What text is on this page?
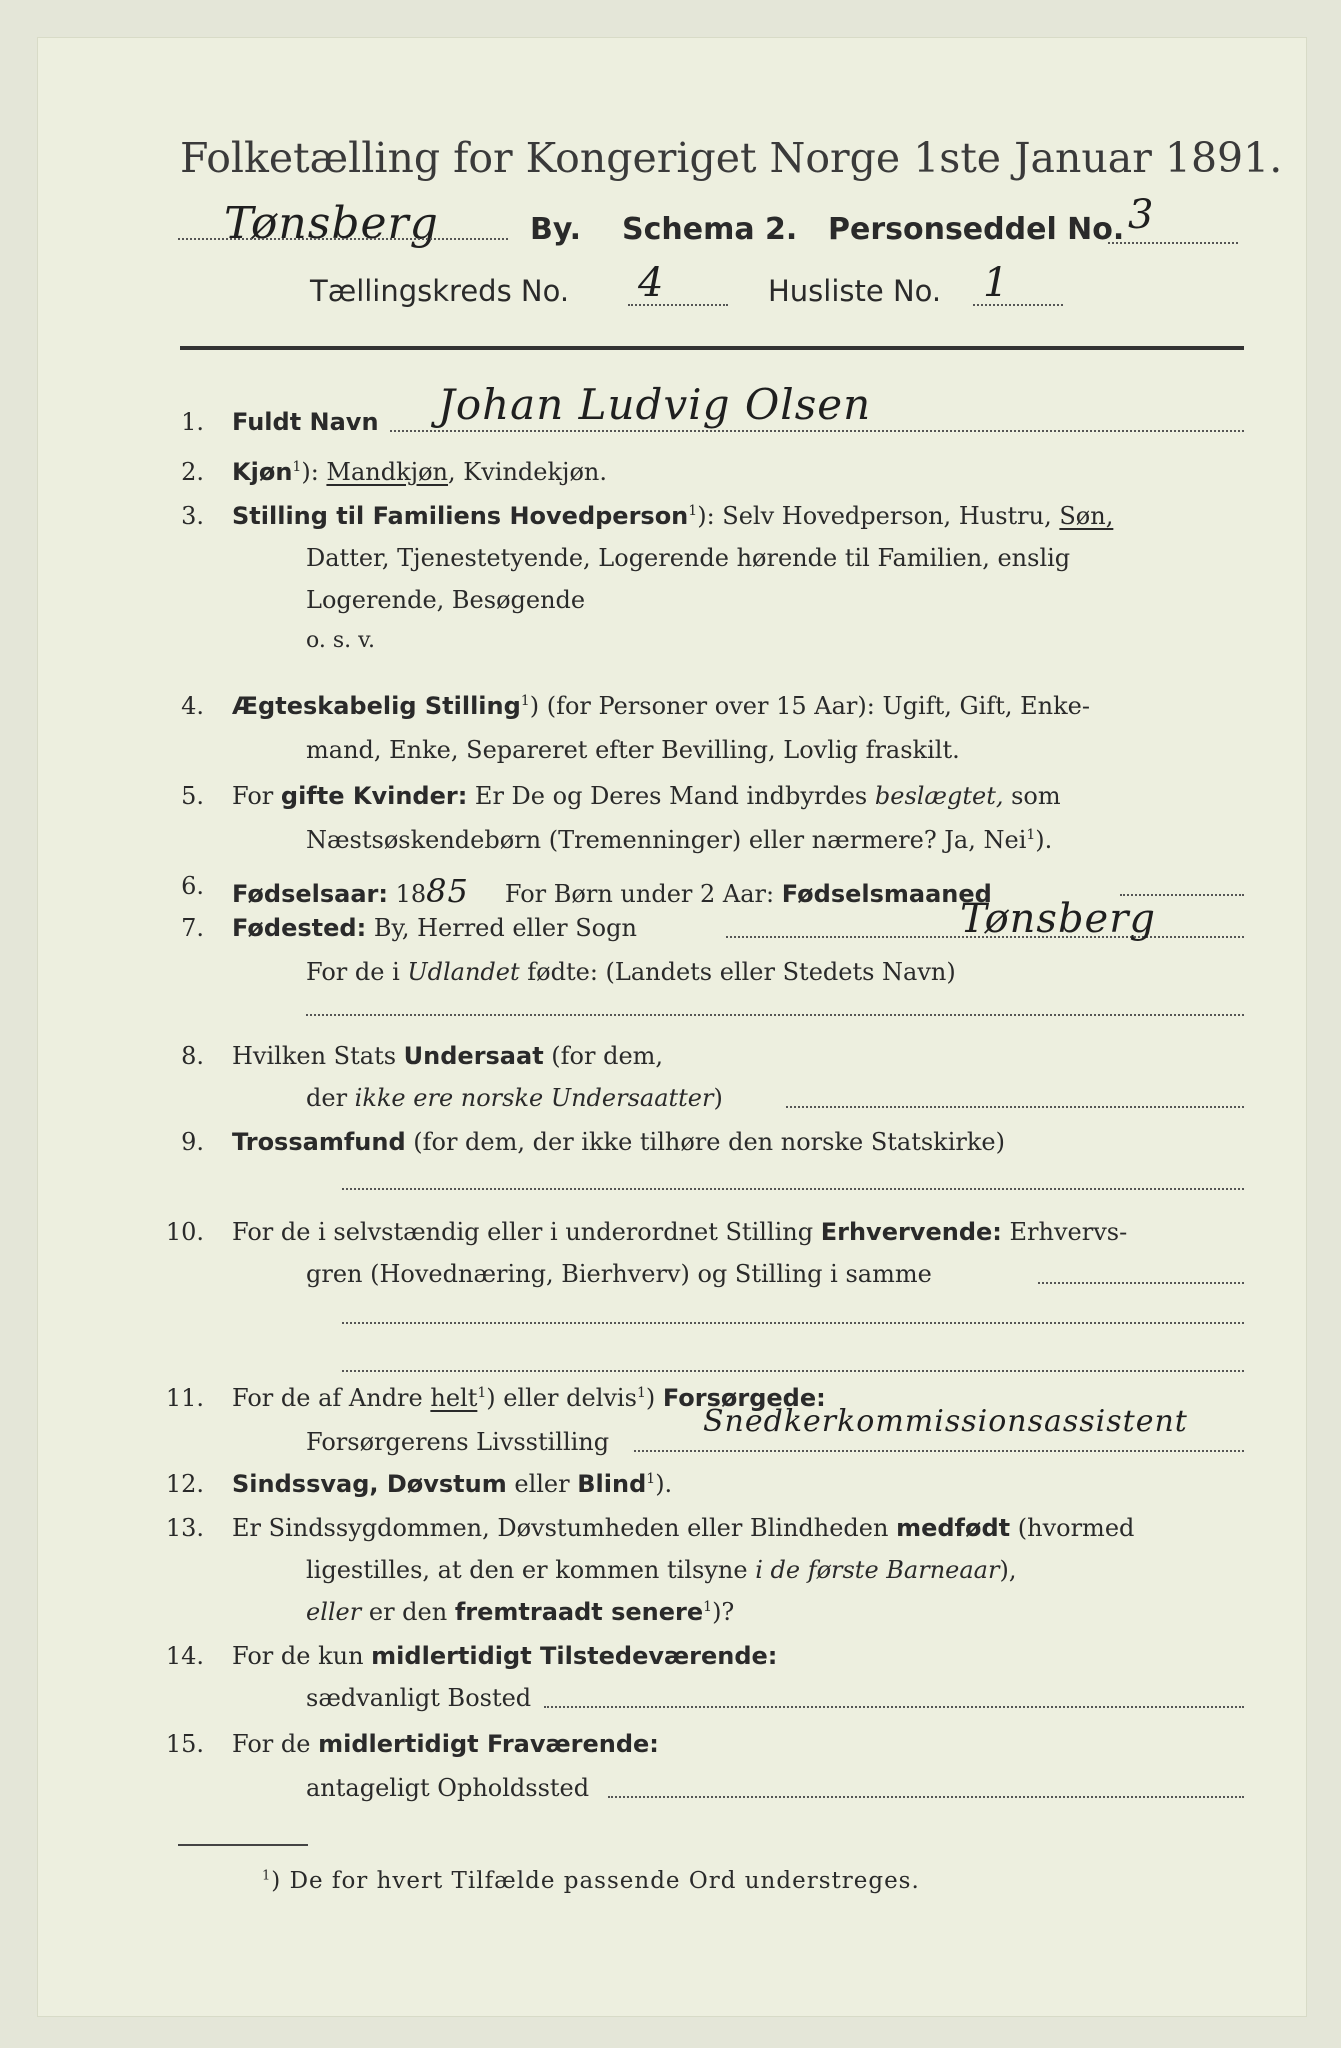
Folketælling for Kongeriget Norge 1ste Januar 1891.
Tønsberg	By. Schema 2. Personseddel No. 3
Tællingskreds No. 4	Husliste No. 1
1. Fuldt Navn Johan Ludvig Olsen
2. Kjøn$^1$): Mandkjøn, Kvindekjøn.
3. Stilling til Familiens Hovedperson$^1$): Selv Hovedperson, Hustru, Søn,
Datter, Tjenestetyende, Logerende hørende til Familien, enslig
Logerende, Besøgende
o. s. v.
4. Ægteskabelig Stilling$^1$) (for Personer over 15 Aar): Ugift, Gift, Enke-
mand, Enke, Separeret efter Bevilling, Lovlig fraskilt.
5. For gifte Kvinder: Er De og Deres Mand indbyrdes beslægtet, som
Næstsøskendebørn (Tremenninger) eller nærmere? Ja, Nei$^1$).
6. Fødselsaar: 1885 For Børn under 2 Aar: Fødselsmaaned
7. Fødested: By, Herred eller Sogn	Tønsberg
For de i Udlandet fødte: (Landets eller Stedets Navn)
8. Hvilken Stats Undersaat (for dem,
der ikke ere norske Undersaatter)
9. Trossamfund (for dem, der ikke tilhøre den norske Statskirke)
10. For de i selvstændig eller i underordnet Stilling Erhvervende: Erhvervs-
gren (Hovednæring, Bierhverv) og Stilling i samme
11. For de af Andre helt$^1$) eller delvis$^1$) Forsørgede:
Forsørgerens Livsstilling
Snedkerkommissionsassistent
12. Sindssvag, Døvstum eller Blind$^1$).
13. Er Sindssygdommen, Døvstumheden eller Blindheden medfødt (hvormed
ligestilles, at den er kommen tilsyne i de første Barneaar),
eller er den fremtraadt senere$^1$)?
14. For de kun midlertidigt Tilstedeværende:
sædvanligt Bosted
15. For de midlertidigt Fraværende:
antageligt Opholdssted
$^1$) De for hvert Tilfælde passende Ord understreges.
